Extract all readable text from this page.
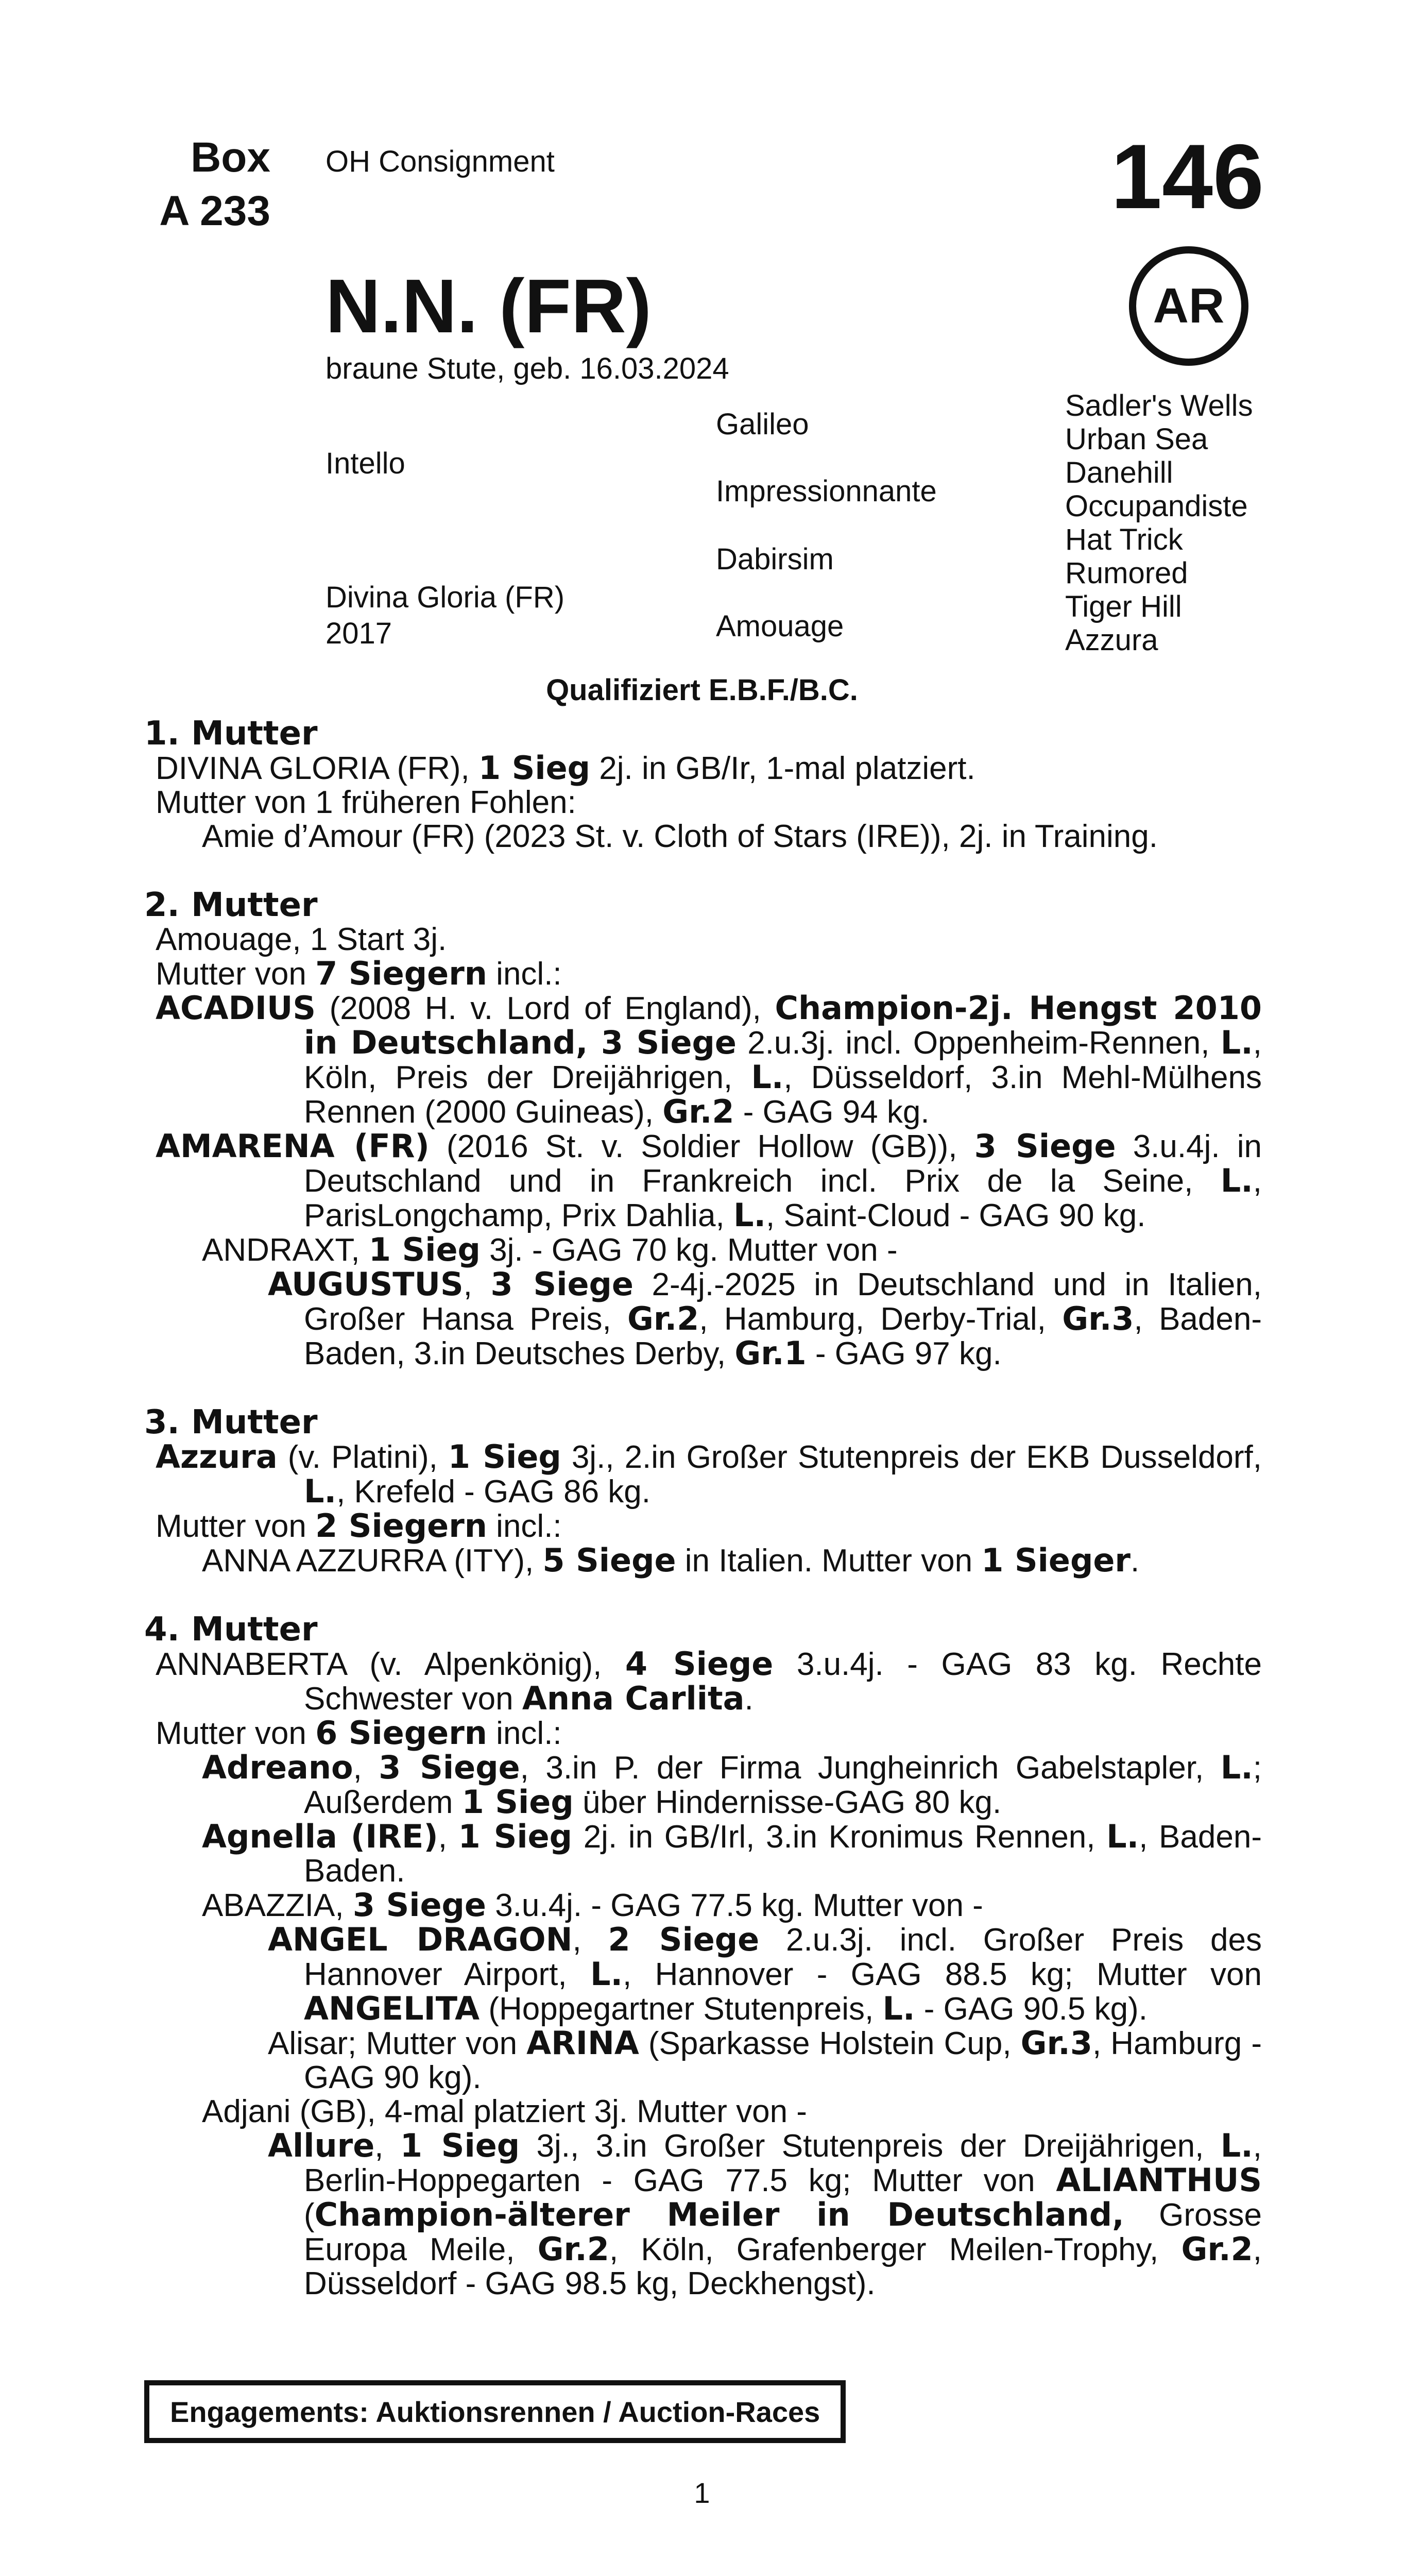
Box
A 233
OH Consignment	146
AR
N.N. (FR)
braune Stute, geb. 16.03.2024
Intello
Divina Gloria (FR)
2017
Galileo
Impressionnante
Dabirsim
Amouage
Sadler's Wells
Urban Sea
Danehill
Occupandiste
Hat Trick
Rumored
Tiger Hill
Azzura
Qualifiziert E.B.F./B.C.

1. Mutter

DIVINA GLORIA (FR), 1 Sieg 2j. in GB/Ir, 1-mal platziert.

Mutter von 1 früheren Fohlen:

Amie d’Amour (FR) (2023 St. v. Cloth of Stars (IRE)), 2j. in Training.

2. Mutter

Amouage, 1 Start 3j.

Mutter von 7 Siegern incl.:

ACADIUS (2008 H. v. Lord of England), Champion-2j. Hengst 2010 in Deutschland, 3 Siege 2.u.3j. incl. Oppenheim-Rennen, L., Köln, Preis der Dreijährigen, L., Düsseldorf, 3.in Mehl-Mülhens Rennen (2000 Guineas), Gr.2 - GAG 94 kg.

AMARENA (FR) (2016 St. v. Soldier Hollow (GB)), 3 Siege 3.u.4j. in Deutschland und in Frankreich incl. Prix de la Seine, L., ParisLongchamp, Prix Dahlia, L., Saint-Cloud - GAG 90 kg.

ANDRAXT, 1 Sieg 3j. - GAG 70 kg. Mutter von -

AUGUSTUS, 3 Siege 2-4j.-2025 in Deutschland und in Italien, Großer Hansa Preis, Gr.2, Hamburg, Derby-Trial, Gr.3, Baden-Baden, 3.in Deutsches Derby, Gr.1 - GAG 97 kg.

3. Mutter

Azzura (v. Platini), 1 Sieg 3j., 2.in Großer Stutenpreis der EKB Dusseldorf, L., Krefeld - GAG 86 kg.

Mutter von 2 Siegern incl.:

ANNA AZZURRA (ITY), 5 Siege in Italien. Mutter von 1 Sieger.

4. Mutter

ANNABERTA (v. Alpenkönig), 4 Siege 3.u.4j. - GAG 83 kg. Rechte Schwester von Anna Carlita.

Mutter von 6 Siegern incl.:

Adreano, 3 Siege, 3.in P. der Firma Jungheinrich Gabelstapler, L.; Außerdem 1 Sieg über Hindernisse-GAG 80 kg.

Agnella (IRE), 1 Sieg 2j. in GB/Irl, 3.in Kronimus Rennen, L., Baden-Baden.

ABAZZIA, 3 Siege 3.u.4j. - GAG 77.5 kg. Mutter von -

ANGEL DRAGON, 2 Siege 2.u.3j. incl. Großer Preis des Hannover Airport, L., Hannover - GAG 88.5 kg; Mutter von ANGELITA (Hoppegartner Stutenpreis, L. - GAG 90.5 kg).

Alisar; Mutter von ARINA (Sparkasse Holstein Cup, Gr.3, Hamburg - GAG 90 kg).

Adjani (GB), 4-mal platziert 3j. Mutter von -

Allure, 1 Sieg 3j., 3.in Großer Stutenpreis der Dreijährigen, L., Berlin-Hoppegarten - GAG 77.5 kg; Mutter von ALIANTHUS (Champion-älterer Meiler in Deutschland, Grosse Europa Meile, Gr.2, Köln, Grafenberger Meilen-Trophy, Gr.2, Düsseldorf - GAG 98.5 kg, Deckhengst).

Engagements: Auktionsrennen / Auction-Races
1
